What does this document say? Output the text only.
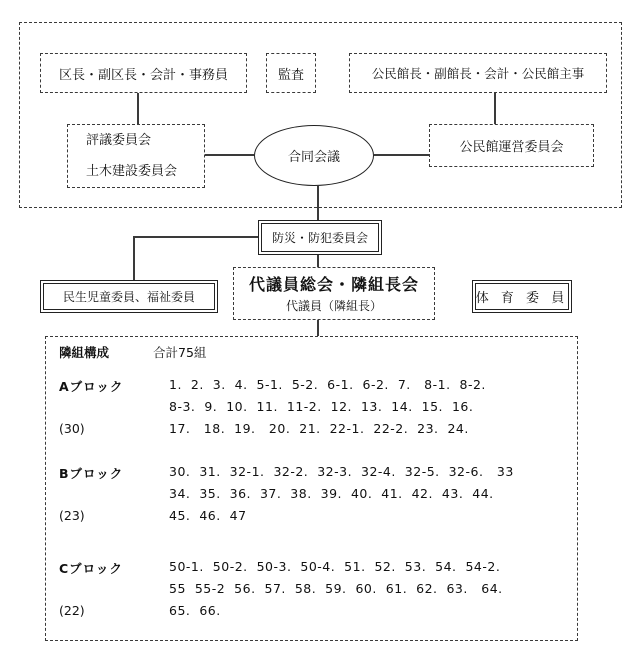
区長・副区長・会計・事務員	監査	公民館長・副館長・会計・公民館主事
評議委員会
土木建設委員会
合同会議
公民館運営委員会
防災・防犯委員会
民生児童委員、福祉委員
代議員総会・隣組長会
代議員（隣組長）	体 育 委 員
隣組構成	合計75組
Aブロック	1.  2.  3.  4.  5-1.  5-2.  6-1.  6-2.  7.   8-1.  8-2.
8-3.  9.  10.  11.  11-2.  12.  13.  14.  15.  16.
(30)	17.   18.  19.   20.  21.  22-1.  22-2.  23.  24.
Bブロック	30.  31.  32-1.  32-2.  32-3.  32-4.  32-5.  32-6.   33
34.  35.  36.  37.  38.  39.  40.  41.  42.  43.  44.
(23)	45.  46.  47
Cブロック	50-1.  50-2.  50-3.  50-4.  51.  52.  53.  54.  54-2.
55  55-2  56.  57.  58.  59.  60.  61.  62.  63.   64.
(22)	65.  66.
